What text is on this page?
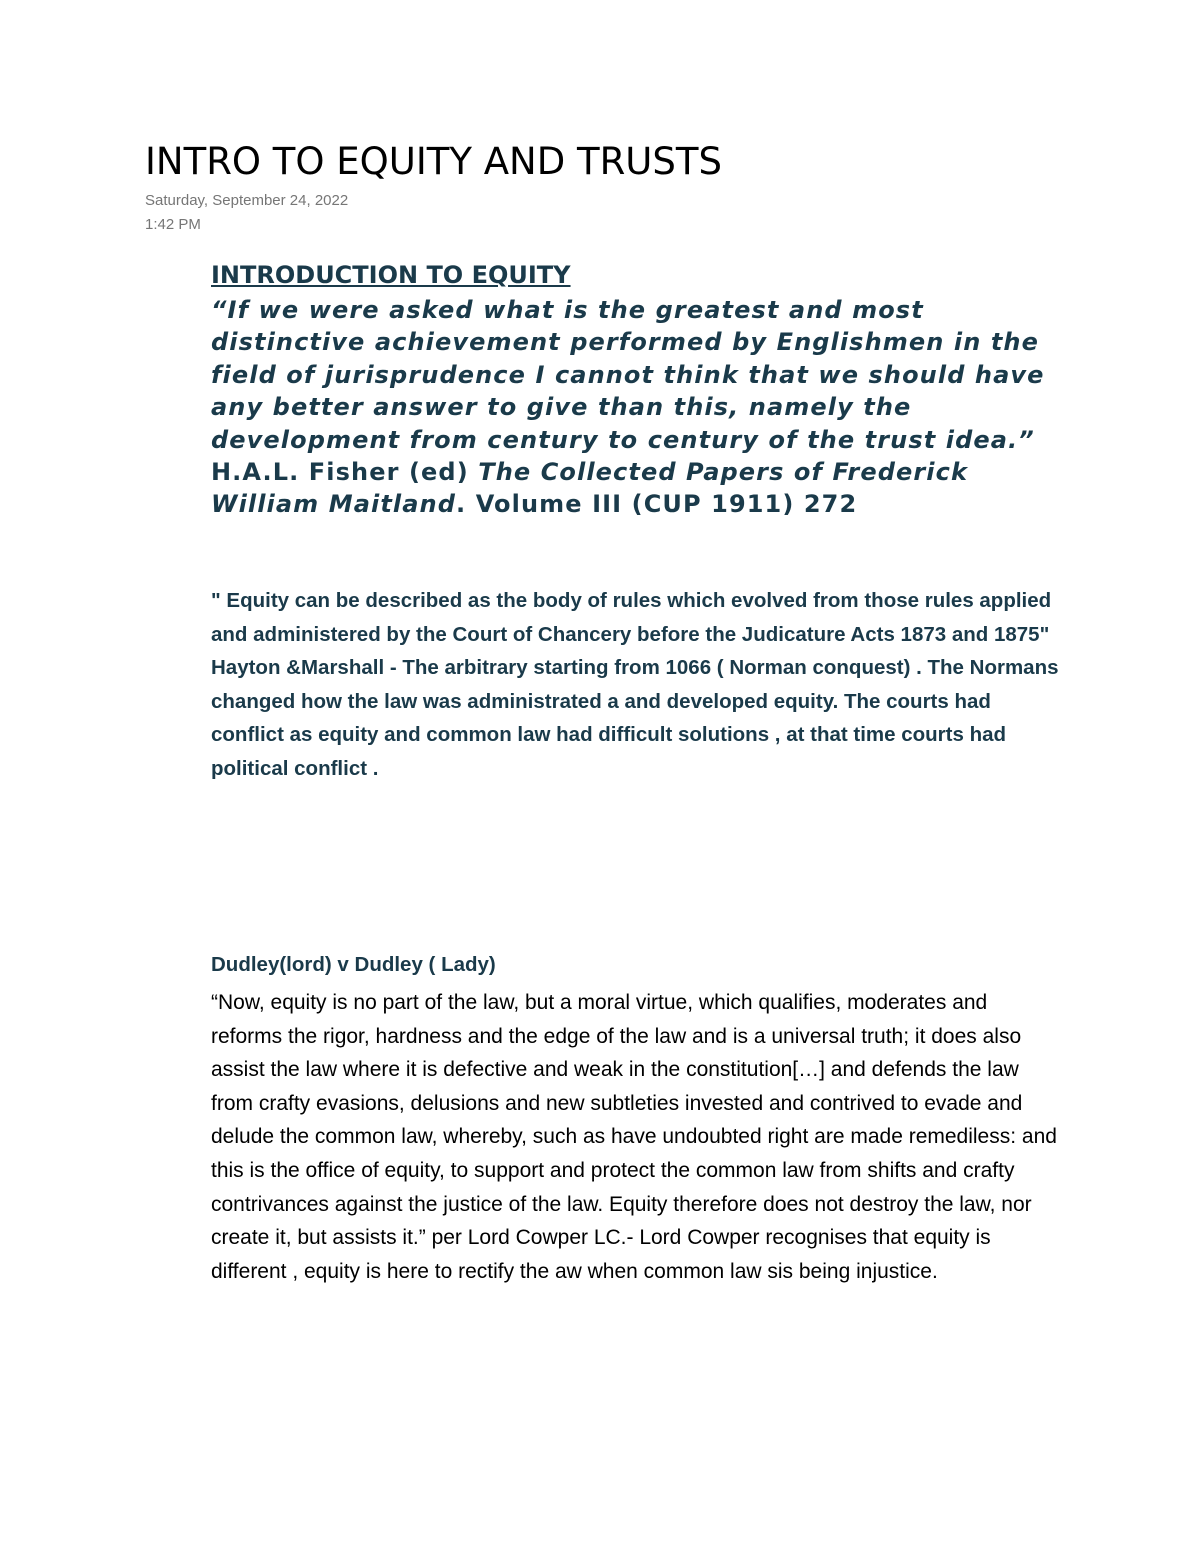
INTRO TO EQUITY AND TRUSTS
Saturday, September 24, 2022
1:42 PM
INTRODUCTION TO EQUITY

“If we were asked what is the greatest and most distinctive achievement performed by Englishmen in the field of jurisprudence I cannot think that we should have any better answer to give than this, namely the development from century to century of the trust idea.” H.A.L. Fisher (ed) The Collected Papers of Frederick William Maitland. Volume III (CUP 1911) 272

" Equity can be described as the body of rules which evolved from those rules applied and administered by the Court of Chancery before the Judicature Acts 1873 and 1875" Hayton &Marshall - The arbitrary starting from 1066 ( Norman conquest) . The Normans changed how the law was administrated a and developed equity. The courts had conflict as equity and common law had difficult solutions , at that time courts had political conflict .

Dudley(lord) v Dudley ( Lady)

“Now, equity is no part of the law, but a moral virtue, which qualifies, moderates and reforms the rigor, hardness and the edge of the law and is a universal truth; it does also assist the law where it is defective and weak in the constitution[…] and defends the law from crafty evasions, delusions and new subtleties invested and contrived to evade and delude the common law, whereby, such as have undoubted right are made remediless: and this is the office of equity, to support and protect the common law from shifts and crafty contrivances against the justice of the law. Equity therefore does not destroy the law, nor create it, but assists it.” per Lord Cowper LC.- Lord Cowper recognises that equity is different , equity is here to rectify the aw when common law sis being injustice.
